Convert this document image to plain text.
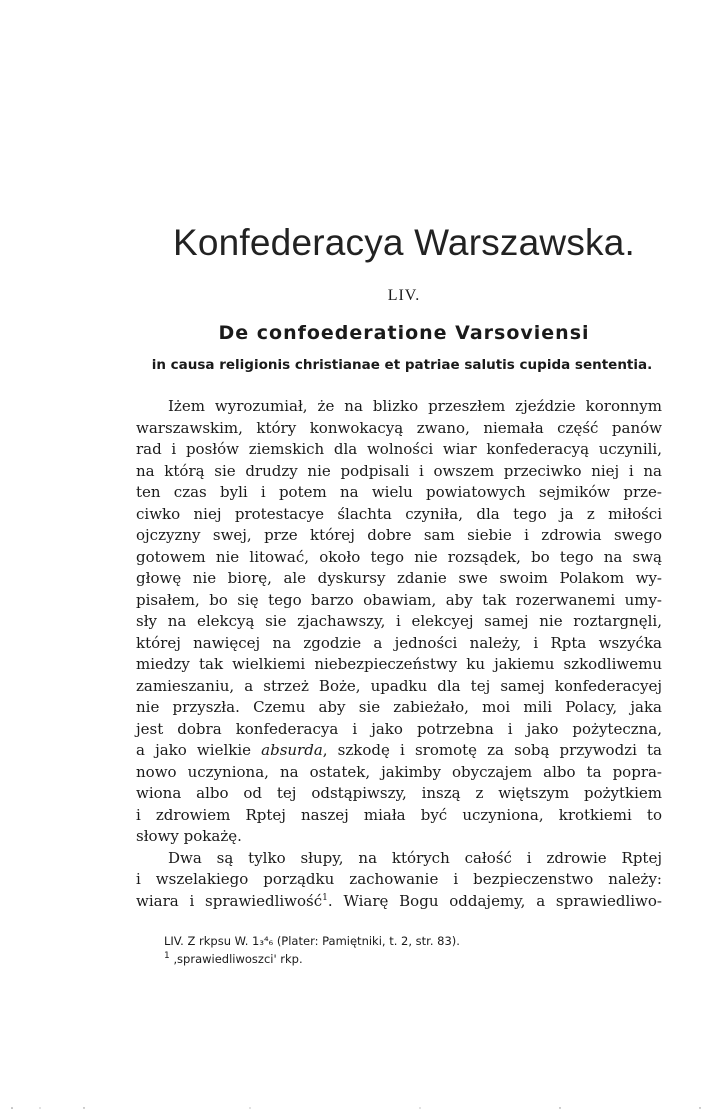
Konfederacya Warszawska.
LIV.
De confoederatione Varsoviensi
in causa religionis christianae et patriae salutis cupida sententia.
Iżem wyrozumiał, że na blizko przeszłem zjeździe koronnym
warszawskim, który konwokacyą zwano, niemała część panów
rad i posłów ziemskich dla wolności wiar konfederacyą uczynili,
na którą sie drudzy nie podpisali i owszem przeciwko niej i na
ten czas byli i potem na wielu powiatowych sejmików prze-
ciwko niej protestacye ślachta czyniła, dla tego ja z miłości
ojczyzny swej, prze której dobre sam siebie i zdrowia swego
gotowem nie litować, około tego nie rozsądek, bo tego na swą
głowę nie biorę, ale dyskursy zdanie swe swoim Polakom wy-
pisałem, bo się tego barzo obawiam, aby tak rozerwanemi umy-
sły na elekcyą sie zjachawszy, i elekcyej samej nie roztargnęli,
której nawięcej na zgodzie a jedności należy, i Rpta wszyćka
miedzy tak wielkiemi niebezpieczeństwy ku jakiemu szkodliwemu
zamieszaniu, a strzeż Boże, upadku dla tej samej konfederacyej
nie przyszła. Czemu aby sie zabieżało, moi mili Polacy, jaka
jest dobra konfederacya i jako potrzebna i jako pożyteczna,
a jako wielkie absurda, szkodę i sromotę za sobą przywodzi ta
nowo uczyniona, na ostatek, jakimby obyczajem albo ta popra-
wiona albo od tej odstąpiwszy, inszą z więtszym pożytkiem
i zdrowiem Rptej naszej miała być uczyniona, krotkiemi to
słowy pokażę.
Dwa są tylko słupy, na których całość i zdrowie Rptej
i wszelakiego porządku zachowanie i bezpieczenstwo należy:
wiara i sprawiedliwość$^1$. Wiarę Bogu oddajemy, a sprawiedliwo-
LIV. Z rkpsu W. 1₃⁴₆ (Plater: Pamiętniki, t. 2, str. 83).
$^1$ ‚sprawiedliwoszci' rkp.
